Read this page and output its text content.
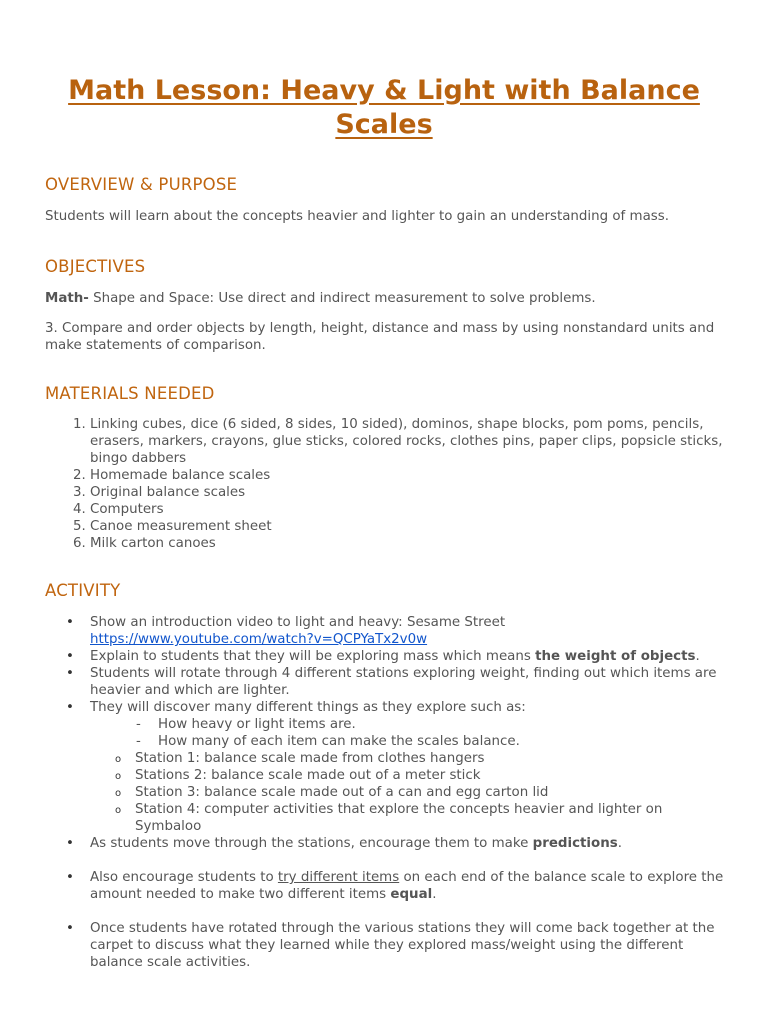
Math Lesson: Heavy & Light with Balance Scales
OVERVIEW & PURPOSE

Students will learn about the concepts heavier and lighter to gain an understanding of mass.

OBJECTIVES

Math- Shape and Space: Use direct and indirect measurement to solve problems.

3. Compare and order objects by length, height, distance and mass by using nonstandard units and make statements of comparison.

MATERIALS NEEDED
1. Linking cubes, dice (6 sided, 8 sides, 10 sided), dominos, shape blocks, pom poms, pencils, erasers, markers, crayons, glue sticks, colored rocks, clothes pins, paper clips, popsicle sticks, bingo dabbers
2. Homemade balance scales
3. Original balance scales
4. Computers
5. Canoe measurement sheet
6. Milk carton canoes
ACTIVITY
• Show an introduction video to light and heavy: Sesame Street
https://www.youtube.com/watch?v=QCPYaTx2v0w
• Explain to students that they will be exploring mass which means the weight of objects.
• Students will rotate through 4 different stations exploring weight, finding out which items are heavier and which are lighter.
• They will discover many different things as they explore such as:
- How heavy or light items are.
- How many of each item can make the scales balance.
o Station 1: balance scale made from clothes hangers
o Stations 2: balance scale made out of a meter stick
o Station 3: balance scale made out of a can and egg carton lid
o Station 4: computer activities that explore the concepts heavier and lighter on Symbaloo
• As students move through the stations, encourage them to make predictions.
• Also encourage students to try different items on each end of the balance scale to explore the amount needed to make two different items equal.
• Once students have rotated through the various stations they will come back together at the carpet to discuss what they learned while they explored mass/weight using the different balance scale activities.
